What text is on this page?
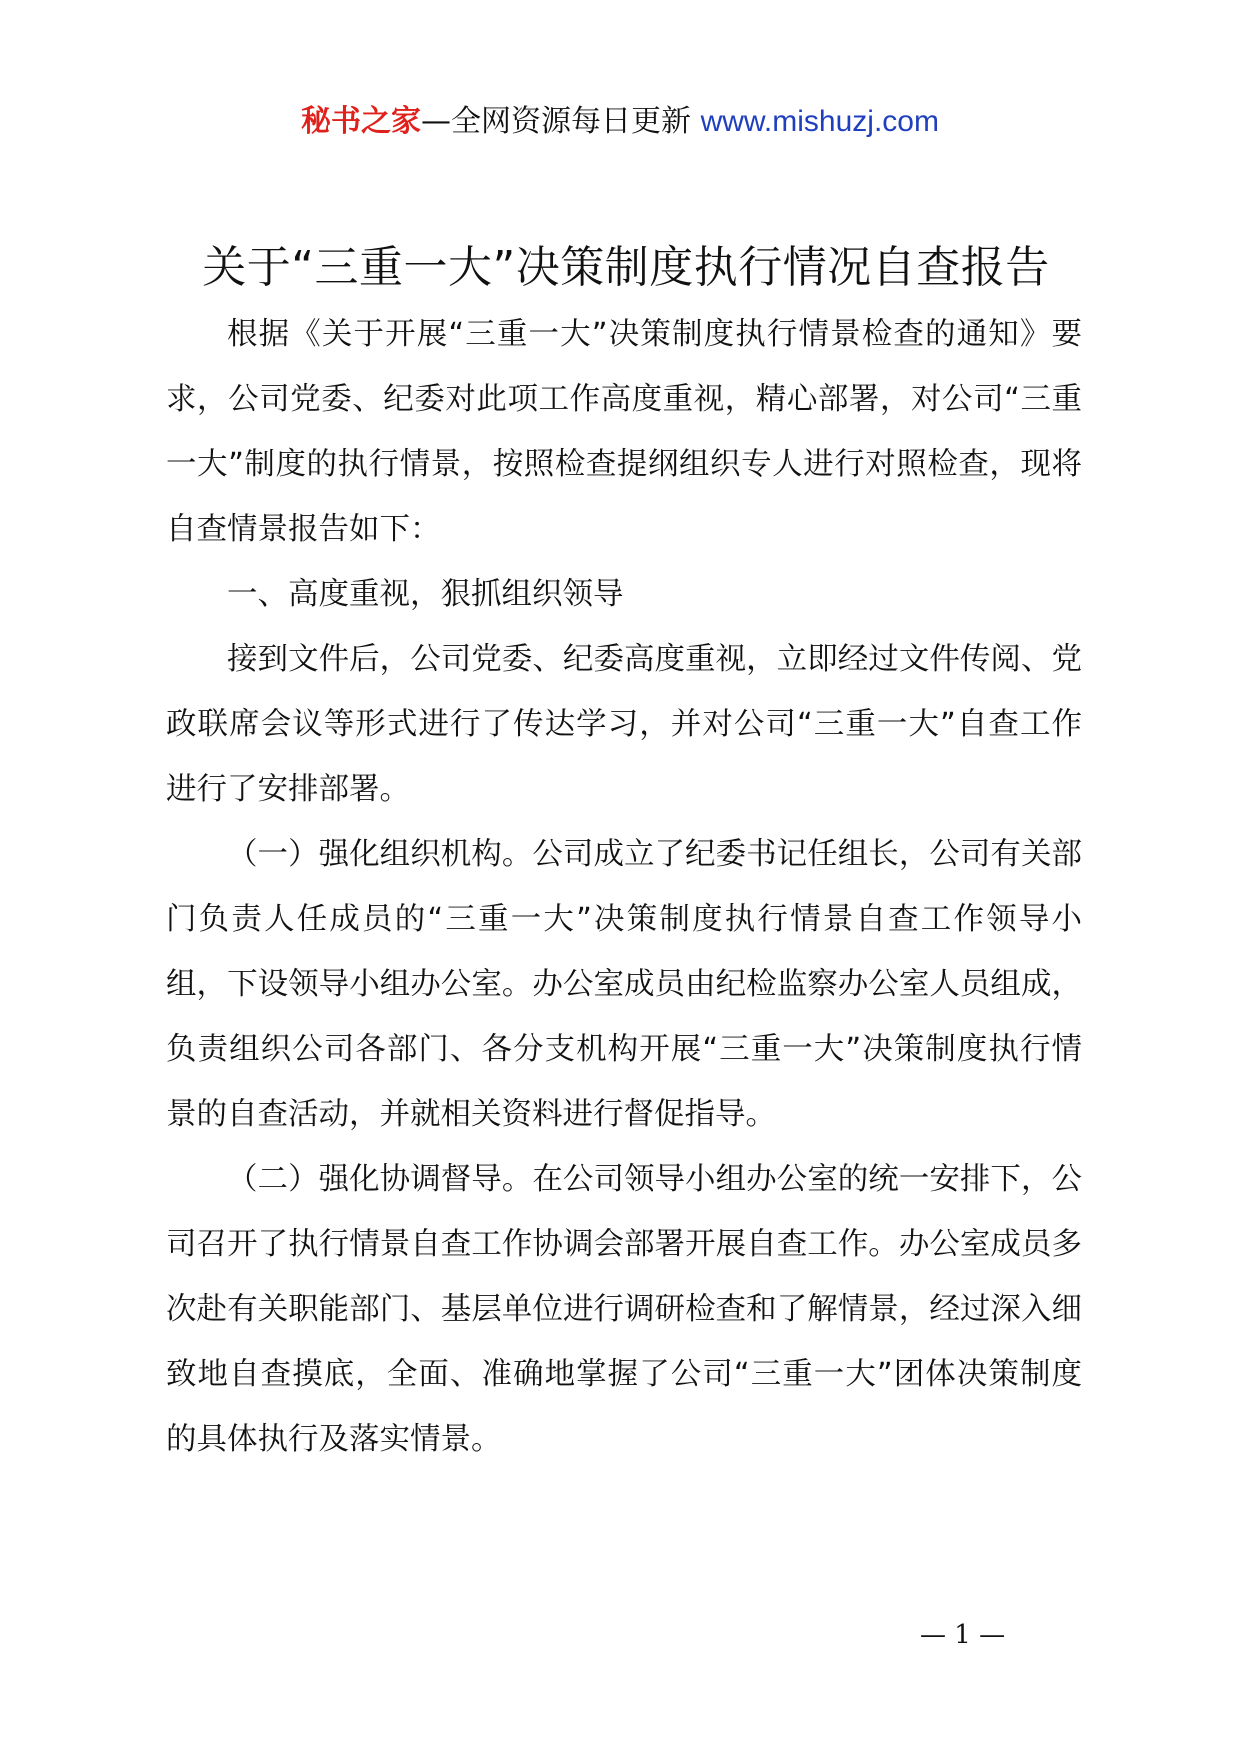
秘书之家—全网资源每日更新 www.mishuzj.com
关于“三重一大”决策制度执行情况自查报告

根据《关于开展“三重一大”决策制度执行情景检查的通知》要求，公司党委、纪委对此项工作高度重视，精心部署，对公司“三重一大”制度的执行情景，按照检查提纲组织专人进行对照检查，现将自查情景报告如下：

一、高度重视，狠抓组织领导

接到文件后，公司党委、纪委高度重视，立即经过文件传阅、党政联席会议等形式进行了传达学习，并对公司“三重一大”自查工作进行了安排部署。

（一）强化组织机构。公司成立了纪委书记任组长，公司有关部门负责人任成员的“三重一大”决策制度执行情景自查工作领导小组，下设领导小组办公室。办公室成员由纪检监察办公室人员组成，负责组织公司各部门、各分支机构开展“三重一大”决策制度执行情景的自查活动，并就相关资料进行督促指导。

（二）强化协调督导。在公司领导小组办公室的统一安排下，公司召开了执行情景自查工作协调会部署开展自查工作。办公室成员多次赴有关职能部门、基层单位进行调研检查和了解情景，经过深入细致地自查摸底，全面、准确地掌握了公司“三重一大”团体决策制度的具体执行及落实情景。

— 1 —
